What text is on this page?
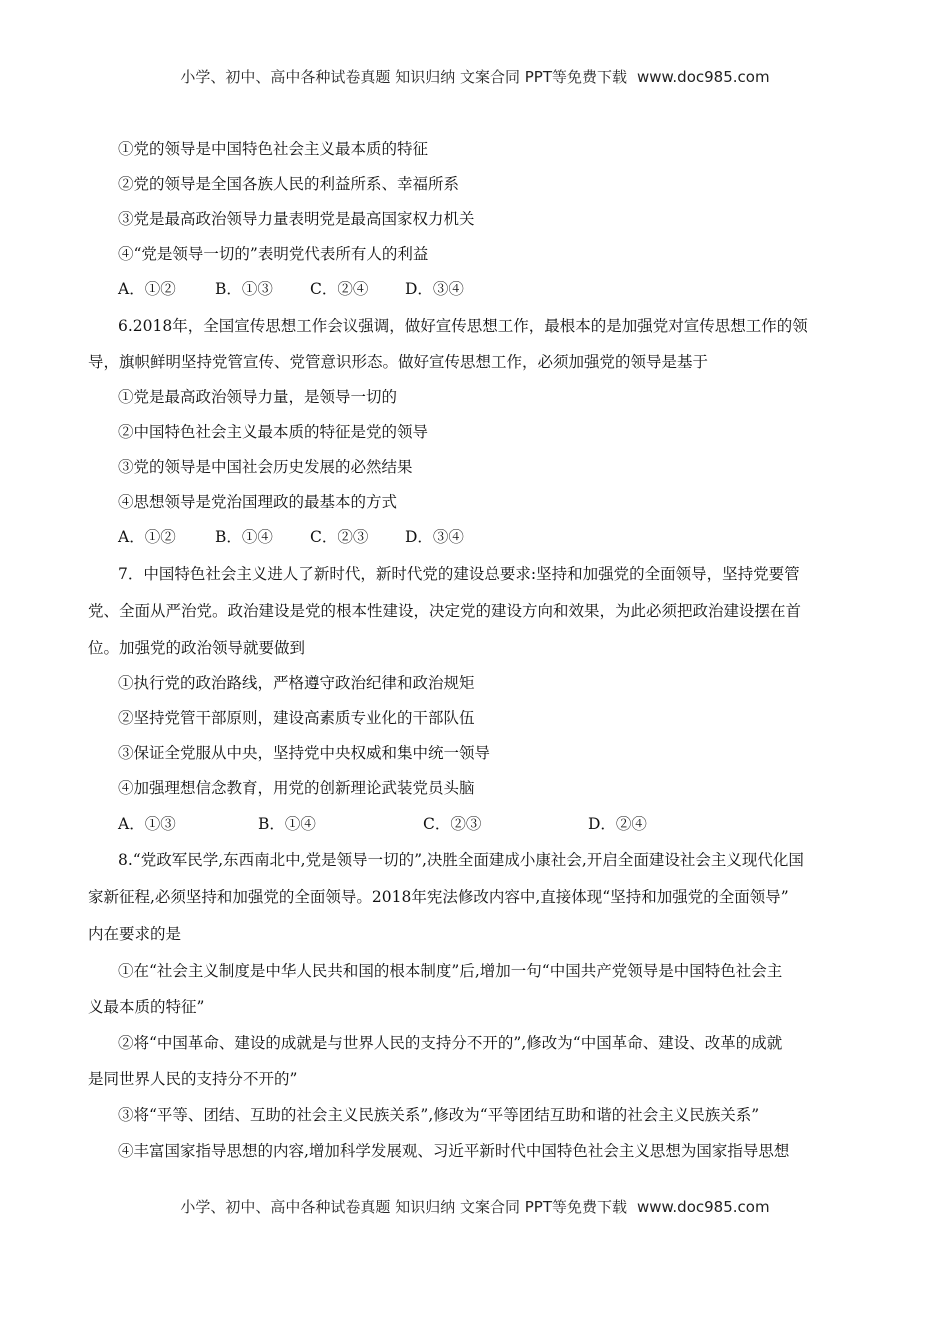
小学、初中、高中各种试卷真题 知识归纳 文案合同 PPT等免费下载 www.doc985.com
①党的领导是中国特色社会主义最本质的特征
②党的领导是全国各族人民的利益所系、幸福所系
③党是最高政治领导力量表明党是最高国家权力机关
④“党是领导一切的”表明党代表所有人的利益
A．①②	B．①③ C．②④ D．③④
6.2018年，全国宣传思想工作会议强调，做好宣传思想工作，最根本的是加强党对宣传思想工作的领
导，旗帜鲜明坚持党管宣传、党管意识形态。做好宣传思想工作，必须加强党的领导是基于
①党是最高政治领导力量，是领导一切的
②中国特色社会主义最本质的特征是党的领导
③党的领导是中国社会历史发展的必然结果
④思想领导是党治国理政的最基本的方式
A．①②	B．①④ C．②③ D．③④
7．中国特色社会主义进人了新时代，新时代党的建设总要求:坚持和加强党的全面领导，坚持党要管
党、全面从严治党。政治建设是党的根本性建设，决定党的建设方向和效果，为此必须把政治建设摆在首
位。加强党的政治领导就要做到
①执行党的政治路线，严格遵守政治纪律和政治规矩
②坚持党管干部原则，建设高素质专业化的干部队伍
③保证全党服从中央，坚持党中央权威和集中统一领导
④加强理想信念教育，用党的创新理论武装党员头脑
A．①③	B．①④	C．②③	D．②④
8.“党政军民学,东西南北中,党是领导一切的”,决胜全面建成小康社会,开启全面建设社会主义现代化国
家新征程,必须坚持和加强党的全面领导。2018年宪法修改内容中,直接体现“坚持和加强党的全面领导”
内在要求的是
①在“社会主义制度是中华人民共和国的根本制度”后,增加一句“中国共产党领导是中国特色社会主
义最本质的特征”
②将“中国革命、建设的成就是与世界人民的支持分不开的”,修改为“中国革命、建设、改革的成就
是同世界人民的支持分不开的”
③将“平等、团结、互助的社会主义民族关系”,修改为“平等团结互助和谐的社会主义民族关系”
④丰富国家指导思想的内容,增加科学发展观、习近平新时代中国特色社会主义思想为国家指导思想
小学、初中、高中各种试卷真题 知识归纳 文案合同 PPT等免费下载 www.doc985.com
